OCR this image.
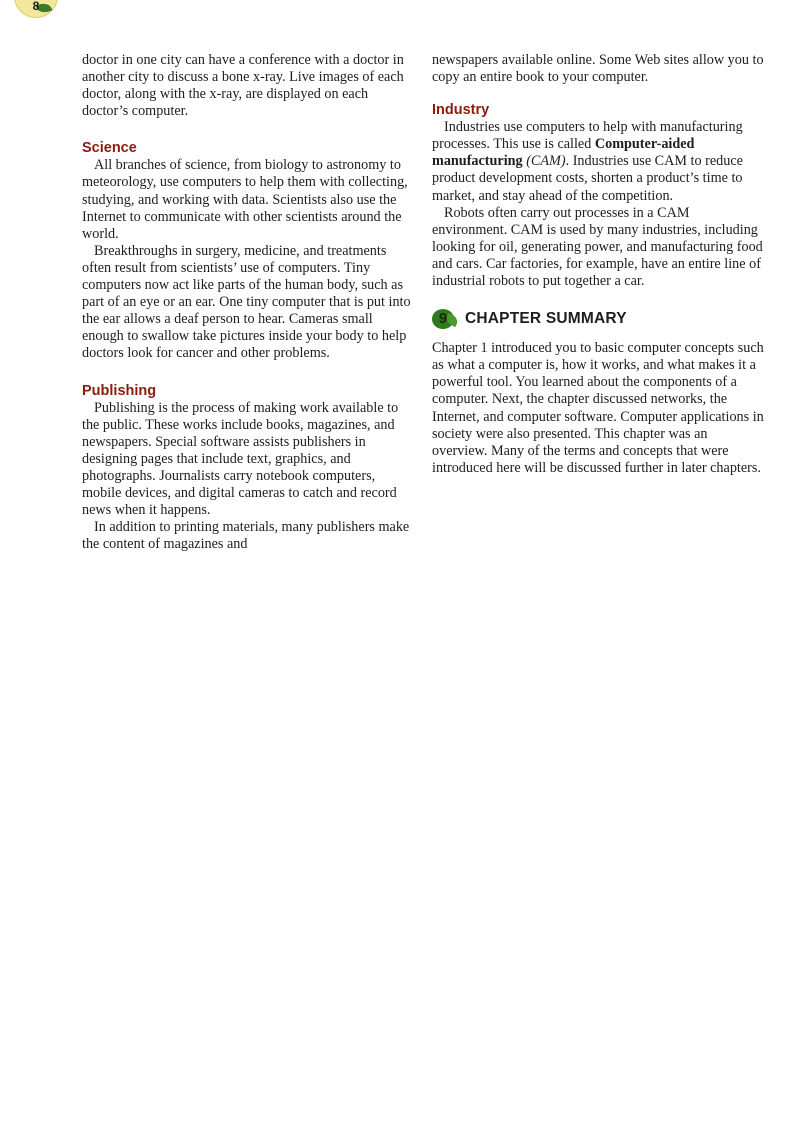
8

doctor in one city can have a conference with a doctor in another city to discuss a bone x-ray. Live images of each doctor, along with the x-ray, are displayed on each doctor’s computer.

Science

All branches of science, from biology to astronomy to meteorology, use computers to help them with collecting, studying, and working with data. Scientists also use the Internet to communicate with other scientists around the world.

Breakthroughs in surgery, medicine, and treatments often result from scientists’ use of computers. Tiny computers now act like parts of the human body, such as part of an eye or an ear. One tiny computer that is put into the ear allows a deaf person to hear. Cameras small enough to swallow take pictures inside your body to help doctors look for cancer and other problems.

Publishing

Publishing is the process of making work available to the public. These works include books, magazines, and newspapers. Special software assists publishers in designing pages that include text, graphics, and photographs. Journalists carry notebook computers, mobile devices, and digital cameras to catch and record news when it happens.

In addition to printing materials, many publishers make the content of magazines and

newspapers available online. Some Web sites allow you to copy an entire book to your computer.

Industry

Industries use computers to help with manufacturing processes. This use is called Computer-aided manufacturing (CAM). Industries use CAM to reduce product development costs, shorten a product’s time to market, and stay ahead of the competition.

Robots often carry out processes in a CAM environment. CAM is used by many industries, including looking for oil, generating power, and manufacturing food and cars. Car factories, for example, have an entire line of industrial robots to put together a car.

9	CHAPTER SUMMARY

Chapter 1 introduced you to basic computer concepts such as what a computer is, how it works, and what makes it a powerful tool. You learned about the components of a computer. Next, the chapter discussed networks, the Internet, and computer software. Computer applications in society were also presented. This chapter was an overview. Many of the terms and concepts that were introduced here will be discussed further in later chapters.
